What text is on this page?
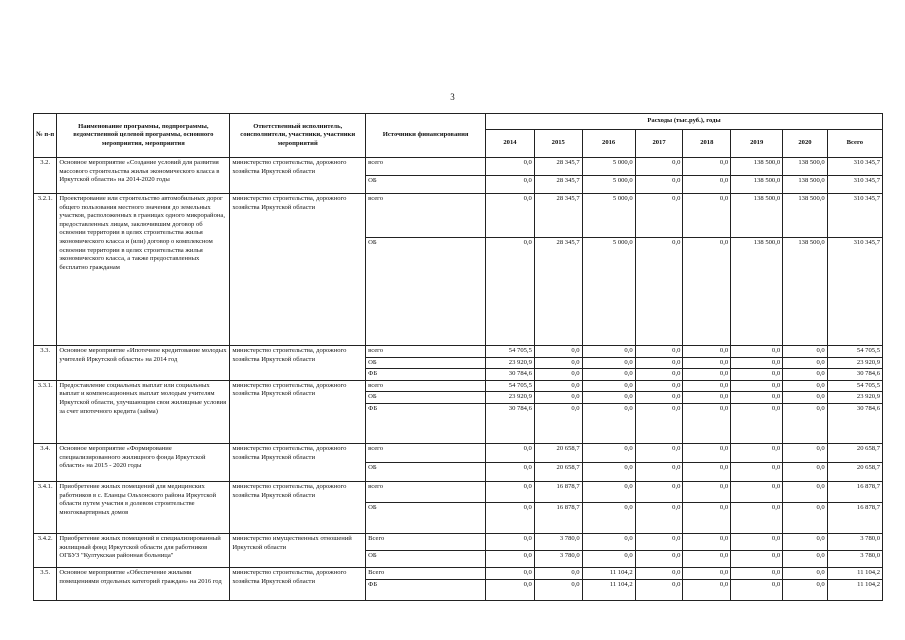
3
№ п-п	Наименование программы, подпрограммы, ведомственной целевой программы, основного мероприятия, мероприятия	Ответственный исполнитель, соисполнители, участники, участники мероприятий	Источники финансирования	Расходы (тыс.руб.), годы							
				2014	2015	2016	2017	2018	2019	2020	Всего
3.2.	Основное мероприятие «Создание условий для развития массового строительства жилья экономического класса в Иркутской области» на 2014-2020 годы	министерство строительства, дорожного хозяйства Иркутской области	всего	0,0	28 345,7	5 000,0	0,0	0,0	138 500,0	138 500,0	310 345,7
			ОБ	0,0	28 345,7	5 000,0	0,0	0,0	138 500,0	138 500,0	310 345,7
3.2.1.	Проектирование или строительство автомобильных дорог общего пользования местного значения до земельных участков, расположенных в границах одного микрорайона, предоставленных лицам, заключившим договор об освоении территории в целях строительства жилья экономического класса и (или) договор о комплексном освоении территории в целях строительства жилья экономического класса, а также предоставленных бесплатно гражданам	министерство строительства, дорожного хозяйства Иркутской области	всего	0,0	28 345,7	5 000,0	0,0	0,0	138 500,0	138 500,0	310 345,7
			ОБ	0,0	28 345,7	5 000,0	0,0	0,0	138 500,0	138 500,0	310 345,7
3.3.	Основное мероприятие «Ипотечное кредитование молодых учителей Иркутской области» на 2014 год	министерство строительства, дорожного хозяйства Иркутской области	всего	54 705,5	0,0	0,0	0,0	0,0	0,0	0,0	54 705,5
			ОБ	23 920,9	0,0	0,0	0,0	0,0	0,0	0,0	23 920,9
			ФБ	30 784,6	0,0	0,0	0,0	0,0	0,0	0,0	30 784,6
3.3.1.	Предоставление социальных выплат или социальных выплат и компенсационных выплат молодым учителям Иркутской области, улучшающим свои жилищные условия за счет ипотечного кредита (займа)	министерство строительства, дорожного хозяйства Иркутской области	всего	54 705,5	0,0	0,0	0,0	0,0	0,0	0,0	54 705,5
			ОБ	23 920,9	0,0	0,0	0,0	0,0	0,0	0,0	23 920,9
			ФБ	30 784,6	0,0	0,0	0,0	0,0	0,0	0,0	30 784,6
3.4.	Основное мероприятие «Формирование специализированного жилищного фонда Иркутской области» на 2015 - 2020 годы	министерство строительства, дорожного хозяйства Иркутской области	всего	0,0	20 658,7	0,0	0,0	0,0	0,0	0,0	20 658,7
			ОБ	0,0	20 658,7	0,0	0,0	0,0	0,0	0,0	20 658,7
3.4.1.	Приобретение жилых помещений для медицинских работников в с. Еланцы Ольхонского района Иркутской области путем участия в долевом строительстве многоквартирных домов	министерство строительства, дорожного хозяйства Иркутской области	всего	0,0	16 878,7	0,0	0,0	0,0	0,0	0,0	16 878,7
			ОБ	0,0	16 878,7	0,0	0,0	0,0	0,0	0,0	16 878,7
3.4.2.	Приобретение жилых помещений в специализированный жилищный фонд Иркутской области для работников ОГБУЗ "Култукская районная больница"	министерство имущественных отношений Иркутской области	Всего	0,0	3 780,0	0,0	0,0	0,0	0,0	0,0	3 780,0
			ОБ	0,0	3 780,0	0,0	0,0	0,0	0,0	0,0	3 780,0
3.5.	Основное мероприятие «Обеспечение жилыми помещениями отдельных категорий граждан» на 2016 год	министерство строительства, дорожного хозяйства Иркутской области	Всего	0,0	0,0	11 104,2	0,0	0,0	0,0	0,0	11 104,2
			ФБ	0,0	0,0	11 104,2	0,0	0,0	0,0	0,0	11 104,2
